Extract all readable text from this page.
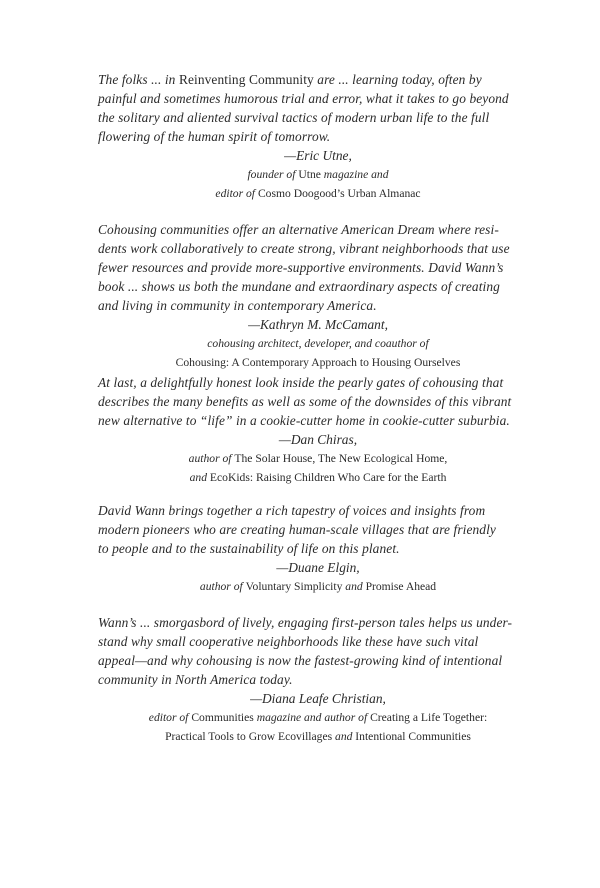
The folks ... in Reinventing Community are ... learning today, often by
painful and sometimes humorous trial and error, what it takes to go beyond
the solitary and aliented survival tactics of modern urban life to the full
flowering of the human spirit of tomorrow.
—Eric Utne,
founder of Utne magazine and
editor of Cosmo Doogood’s Urban Almanac
Cohousing communities offer an alternative American Dream where resi-
dents work collaboratively to create strong, vibrant neighborhoods that use
fewer resources and provide more-supportive environments. David Wann’s
book ... shows us both the mundane and extraordinary aspects of creating
and living in community in contemporary America.
—Kathryn M. McCamant,
cohousing architect, developer, and coauthor of
Cohousing: A Contemporary Approach to Housing Ourselves
At last, a delightfully honest look inside the pearly gates of cohousing that
describes the many benefits as well as some of the downsides of this vibrant
new alternative to “life” in a cookie-cutter home in cookie-cutter suburbia.
—Dan Chiras,
author of The Solar House, The New Ecological Home,
and EcoKids: Raising Children Who Care for the Earth
David Wann brings together a rich tapestry of voices and insights from
modern pioneers who are creating human-scale villages that are friendly
to people and to the sustainability of life on this planet.
—Duane Elgin,
author of Voluntary Simplicity and Promise Ahead
Wann’s ... smorgasbord of lively, engaging first-person tales helps us under-
stand why small cooperative neighborhoods like these have such vital
appeal—and why cohousing is now the fastest-growing kind of intentional
community in North America today.
—Diana Leafe Christian,
editor of Communities magazine and author of Creating a Life Together:
Practical Tools to Grow Ecovillages and Intentional Communities
